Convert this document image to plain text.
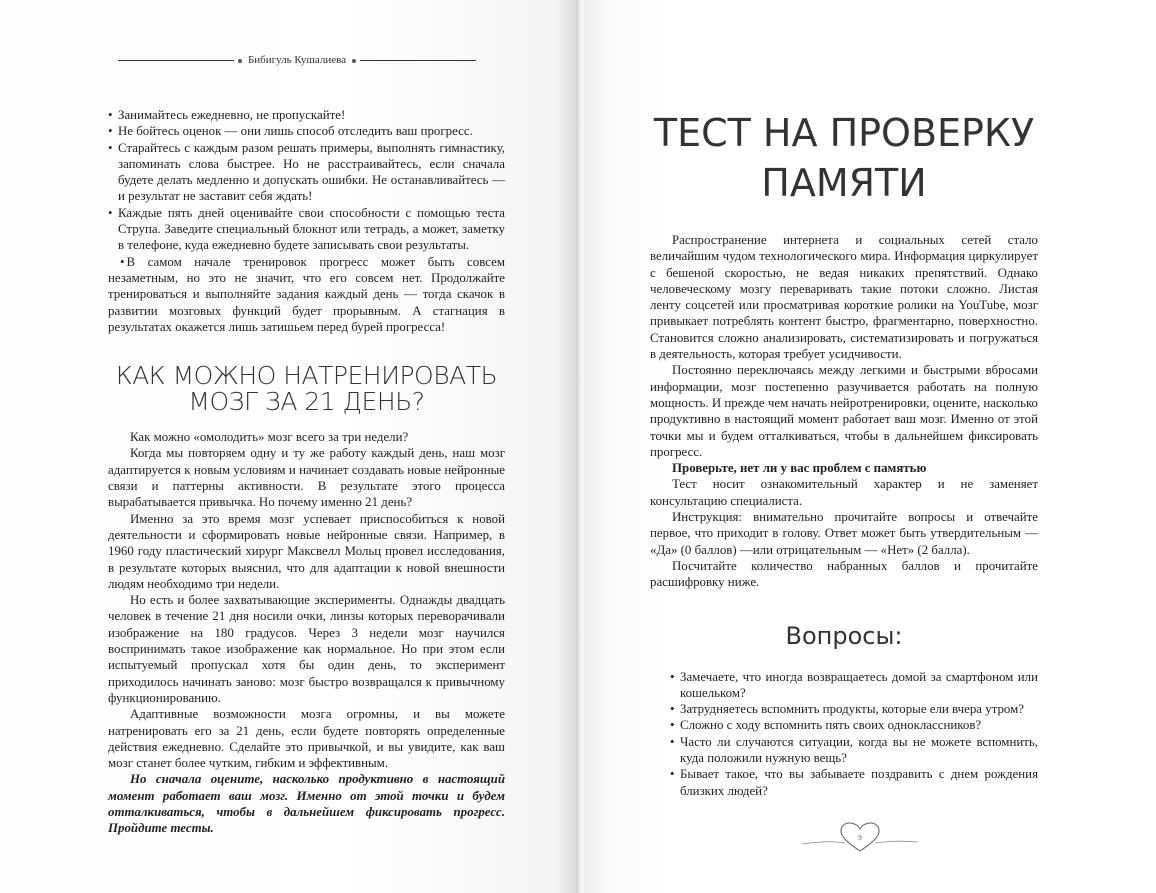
Бибигуль Кушалиева
• Занимайтесь ежедневно, не пропускайте!
• Не бойтесь оценок — они лишь способ отследить ваш прогресс.
• Старайтесь с каждым разом решать примеры, выполнять гимнастику, запоминать слова быстрее. Но не расстраивайтесь, если сначала будете делать медленно и допускать ошибки. Не останавливайтесь — и результат не заставит себя ждать!
• Каждые пять дней оценивайте свои способности с помощью теста Струпа. Заведите специальный блокнот или тетрадь, а может, заметку в телефоне, куда ежедневно будете записывать свои результаты.
• В самом начале тренировок прогресс может быть совсем незаметным, но это не значит, что его совсем нет. Продолжайте тренироваться и выполняйте задания каждый день — тогда скачок в развитии мозговых функций будет прорывным. А стагнация в результатах окажется лишь затишьем перед бурей прогресса!
КАК МОЖНО НАТРЕНИРОВАТЬ
МОЗГ ЗА 21 ДЕНЬ?

Как можно «омолодить» мозг всего за три недели?

Когда мы повторяем одну и ту же работу каждый день, наш мозг адаптируется к новым условиям и начинает создавать новые нейронные связи и паттерны активности. В результате этого процесса вырабатывается привычка. Но почему именно 21 день?

Именно за это время мозг успевает приспособиться к новой деятельности и сформировать новые нейронные связи. Например, в 1960 году пластический хирург Максвелл Мольц провел исследования, в результате которых выяснил, что для адаптации к новой внешности людям необходимо три недели.

Но есть и более захватывающие эксперименты. Однажды двадцать человек в течение 21 дня носили очки, линзы которых переворачивали изображение на 180 градусов. Через 3 недели мозг научился воспринимать такое изображение как нормальное. Но при этом если испытуемый пропускал хотя бы один день, то эксперимент приходилось начинать заново: мозг быстро возвращался к привычному функционированию.

Адаптивные возможности мозга огромны, и вы можете натренировать его за 21 день, если будете повторять определенные действия ежедневно. Сделайте это привычкой, и вы увидите, как ваш мозг станет более чутким, гибким и эффективным.

Но сначала оцените, насколько продуктивно в настоящий момент работает ваш мозг. Именно от этой точки и будем отталкиваться, чтобы в дальнейшем фиксировать прогресс. Пройдите тесты.

ТЕСТ НА ПРОВЕРКУ
ПАМЯТИ

Распространение интернета и социальных сетей стало величайшим чудом технологического мира. Информация циркулирует с бешеной скоростью, не ведая никаких препятствий. Однако человеческому мозгу переваривать такие потоки сложно. Листая ленту соцсетей или просматривая короткие ролики на YouTube, мозг привыкает потреблять контент быстро, фрагментарно, поверхностно. Становится сложно анализировать, систематизировать и погружаться в деятельность, которая требует усидчивости.

Постоянно переключаясь между легкими и быстрыми вбросами информации, мозг постепенно разучивается работать на полную мощность. И прежде чем начать нейротренировки, оцените, насколько продуктивно в настоящий момент работает ваш мозг. Именно от этой точки мы и будем отталкиваться, чтобы в дальнейшем фиксировать прогресс.

Проверьте, нет ли у вас проблем с памятью

Тест носит ознакомительный характер и не заменяет консультацию специалиста.

Инструкция: внимательно прочитайте вопросы и отвечайте первое, что приходит в голову. Ответ может быть утвердительным — «Да» (0 баллов) —или отрицательным — «Нет» (2 балла).

Посчитайте количество набранных баллов и прочитайте расшифровку ниже.

Вопросы:
• Замечаете, что иногда возвращаетесь домой за смартфоном или кошельком?
• Затрудняетесь вспомнить продукты, которые ели вчера утром?
• Сложно с ходу вспомнить пять своих одноклассников?
• Часто ли случаются ситуации, когда вы не можете вспомнить, куда положили нужную вещь?
• Бывает такое, что вы забываете поздравить с днем рождения близких людей?
9
